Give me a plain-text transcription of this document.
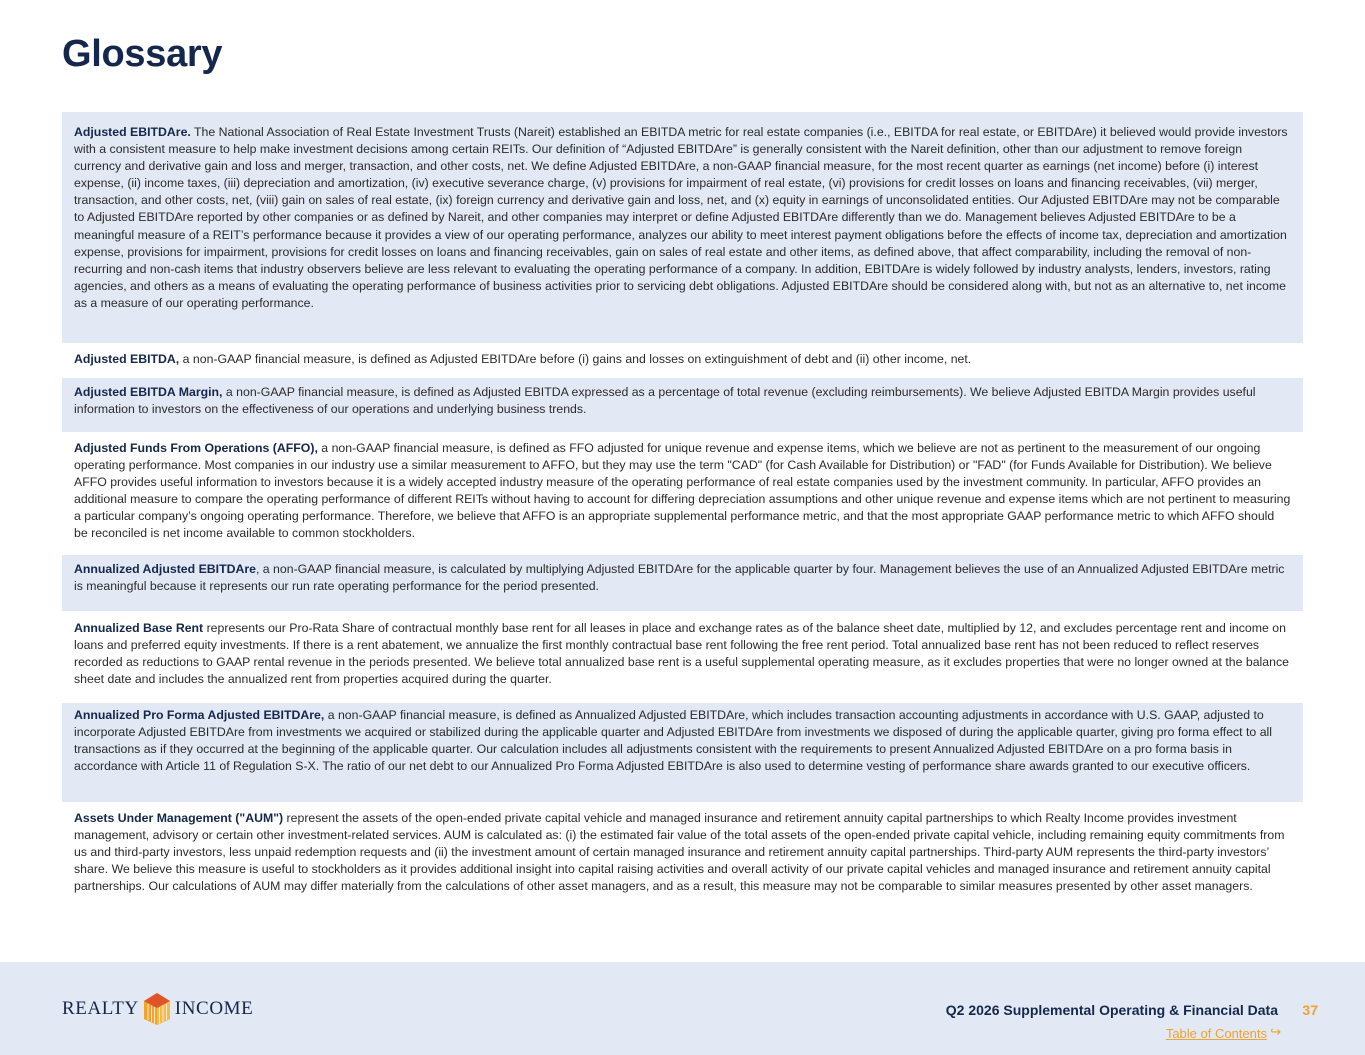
Glossary
Adjusted EBITDAre. The National Association of Real Estate Investment Trusts (Nareit) established an EBITDA metric for real estate companies (i.e., EBITDA for real estate, or EBITDAre) it believed would provide investors with a consistent measure to help make investment decisions among certain REITs. Our definition of “Adjusted EBITDAre” is generally consistent with the Nareit definition, other than our adjustment to remove foreign currency and derivative gain and loss and merger, transaction, and other costs, net. We define Adjusted EBITDAre, a non-GAAP financial measure, for the most recent quarter as earnings (net income) before (i) interest expense, (ii) income taxes, (iii) depreciation and amortization, (iv) executive severance charge, (v) provisions for impairment of real estate, (vi) provisions for credit losses on loans and financing receivables, (vii) merger, transaction, and other costs, net, (viii) gain on sales of real estate, (ix) foreign currency and derivative gain and loss, net, and (x) equity in earnings of unconsolidated entities. Our Adjusted EBITDAre may not be comparable to Adjusted EBITDAre reported by other companies or as defined by Nareit, and other companies may interpret or define Adjusted EBITDAre differently than we do. Management believes Adjusted EBITDAre to be a meaningful measure of a REIT’s performance because it provides a view of our operating performance, analyzes our ability to meet interest payment obligations before the effects of income tax, depreciation and amortization expense, provisions for impairment, provisions for credit losses on loans and financing receivables, gain on sales of real estate and other items, as defined above, that affect comparability, including the removal of non-recurring and non-cash items that industry observers believe are less relevant to evaluating the operating performance of a company. In addition, EBITDAre is widely followed by industry analysts, lenders, investors, rating agencies, and others as a means of evaluating the operating performance of business activities prior to servicing debt obligations. Adjusted EBITDAre should be considered along with, but not as an alternative to, net income as a measure of our operating performance.
Adjusted EBITDA, a non-GAAP financial measure, is defined as Adjusted EBITDAre before (i) gains and losses on extinguishment of debt and (ii) other income, net.
Adjusted EBITDA Margin, a non-GAAP financial measure, is defined as Adjusted EBITDA expressed as a percentage of total revenue (excluding reimbursements). We believe Adjusted EBITDA Margin provides useful information to investors on the effectiveness of our operations and underlying business trends.
Adjusted Funds From Operations (AFFO), a non-GAAP financial measure, is defined as FFO adjusted for unique revenue and expense items, which we believe are not as pertinent to the measurement of our ongoing operating performance. Most companies in our industry use a similar measurement to AFFO, but they may use the term "CAD" (for Cash Available for Distribution) or "FAD" (for Funds Available for Distribution). We believe AFFO provides useful information to investors because it is a widely accepted industry measure of the operating performance of real estate companies used by the investment community. In particular, AFFO provides an additional measure to compare the operating performance of different REITs without having to account for differing depreciation assumptions and other unique revenue and expense items which are not pertinent to measuring a particular company’s ongoing operating performance. Therefore, we believe that AFFO is an appropriate supplemental performance metric, and that the most appropriate GAAP performance metric to which AFFO should be reconciled is net income available to common stockholders.
Annualized Adjusted EBITDAre, a non-GAAP financial measure, is calculated by multiplying Adjusted EBITDAre for the applicable quarter by four. Management believes the use of an Annualized Adjusted EBITDAre metric is meaningful because it represents our run rate operating performance for the period presented.
Annualized Base Rent represents our Pro-Rata Share of contractual monthly base rent for all leases in place and exchange rates as of the balance sheet date, multiplied by 12, and excludes percentage rent and income on loans and preferred equity investments. If there is a rent abatement, we annualize the first monthly contractual base rent following the free rent period. Total annualized base rent has not been reduced to reflect reserves recorded as reductions to GAAP rental revenue in the periods presented. We believe total annualized base rent is a useful supplemental operating measure, as it excludes properties that were no longer owned at the balance sheet date and includes the annualized rent from properties acquired during the quarter.
Annualized Pro Forma Adjusted EBITDAre, a non-GAAP financial measure, is defined as Annualized Adjusted EBITDAre, which includes transaction accounting adjustments in accordance with U.S. GAAP, adjusted to incorporate Adjusted EBITDAre from investments we acquired or stabilized during the applicable quarter and Adjusted EBITDAre from investments we disposed of during the applicable quarter, giving pro forma effect to all transactions as if they occurred at the beginning of the applicable quarter. Our calculation includes all adjustments consistent with the requirements to present Annualized Adjusted EBITDAre on a pro forma basis in accordance with Article 11 of Regulation S-X. The ratio of our net debt to our Annualized Pro Forma Adjusted EBITDAre is also used to determine vesting of performance share awards granted to our executive officers.
Assets Under Management ("AUM") represent the assets of the open-ended private capital vehicle and managed insurance and retirement annuity capital partnerships to which Realty Income provides investment management, advisory or certain other investment-related services. AUM is calculated as: (i) the estimated fair value of the total assets of the open-ended private capital vehicle, including remaining equity commitments from us and third-party investors, less unpaid redemption requests and (ii) the investment amount of certain managed insurance and retirement annuity capital partnerships. Third-party AUM represents the third-party investors’ share. We believe this measure is useful to stockholders as it provides additional insight into capital raising activities and overall activity of our private capital vehicles and managed insurance and retirement annuity capital partnerships. Our calculations of AUM may differ materially from the calculations of other asset managers, and as a result, this measure may not be comparable to similar measures presented by other asset managers.
REALTY INCOME	Q2 2026 Supplemental Operating & Financial Data 37
Table of Contents ↪
